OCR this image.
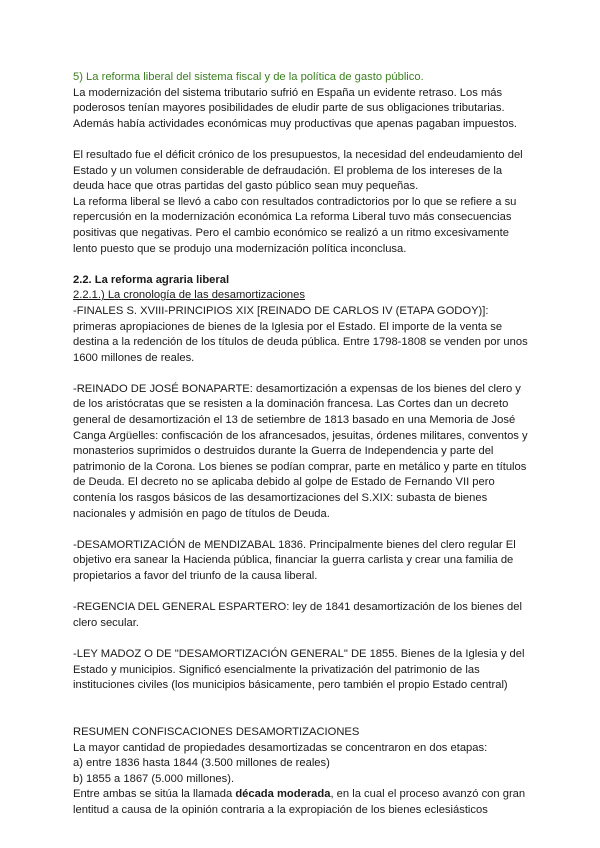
5) La reforma liberal del sistema fiscal y de la política de gasto público.

La modernización del sistema tributario sufrió en España un evidente retraso. Los más poderosos tenían mayores posibilidades de eludir parte de sus obligaciones tributarias. Además había actividades económicas muy productivas que apenas pagaban impuestos.

El resultado fue el déficit crónico de los presupuestos, la necesidad del endeudamiento del Estado y un volumen considerable de defraudación. El problema de los intereses de la deuda hace que otras partidas del gasto público sean muy pequeñas.

La reforma liberal se llevó a cabo con resultados contradictorios por lo que se refiere a su repercusión en la modernización económica La reforma Liberal tuvo más consecuencias positivas que negativas. Pero el cambio económico se realizó a un ritmo excesivamente lento puesto que se produjo una modernización política inconclusa.

2.2. La reforma agraria liberal

2.2.1.) La cronología de las desamortizaciones

-FINALES S. XVIII-PRINCIPIOS XIX [REINADO DE CARLOS IV (ETAPA GODOY)]: primeras apropiaciones de bienes de la Iglesia por el Estado. El importe de la venta se destina a la redención de los títulos de deuda pública. Entre 1798-1808 se venden por unos 1600 millones de reales.

-REINADO DE JOSÉ BONAPARTE: desamortización a expensas de los bienes del clero y de los aristócratas que se resisten a la dominación francesa. Las Cortes dan un decreto general de desamortización el 13 de setiembre de 1813 basado en una Memoria de José Canga Argüelles: confiscación de los afrancesados, jesuitas, órdenes militares, conventos y monasterios suprimidos o destruidos durante la Guerra de Independencia y parte del patrimonio de la Corona. Los bienes se podían comprar, parte en metálico y parte en títulos de Deuda. El decreto no se aplicaba debido al golpe de Estado de Fernando VII pero contenía los rasgos básicos de las desamortizaciones del S.XIX: subasta de bienes nacionales y admisión en pago de títulos de Deuda.

-DESAMORTIZACIÓN de MENDIZABAL 1836. Principalmente bienes del clero regular El objetivo era sanear la Hacienda pública, financiar la guerra carlista y crear una familia de propietarios a favor del triunfo de la causa liberal.

-REGENCIA DEL GENERAL ESPARTERO: ley de 1841 desamortización de los bienes del clero secular.

-LEY MADOZ O DE "DESAMORTIZACIÓN GENERAL" DE 1855. Bienes de la Iglesia y del Estado y municipios. Significó esencialmente la privatización del patrimonio de las instituciones civiles (los municipios básicamente, pero también el propio Estado central)

RESUMEN CONFISCACIONES DESAMORTIZACIONES

La mayor cantidad de propiedades desamortizadas se concentraron en dos etapas:

a) entre 1836 hasta 1844 (3.500 millones de reales)

b) 1855 a 1867 (5.000 millones).

Entre ambas se sitúa la llamada década moderada, en la cual el proceso avanzó con gran lentitud a causa de la opinión contraria a la expropiación de los bienes eclesiásticos
